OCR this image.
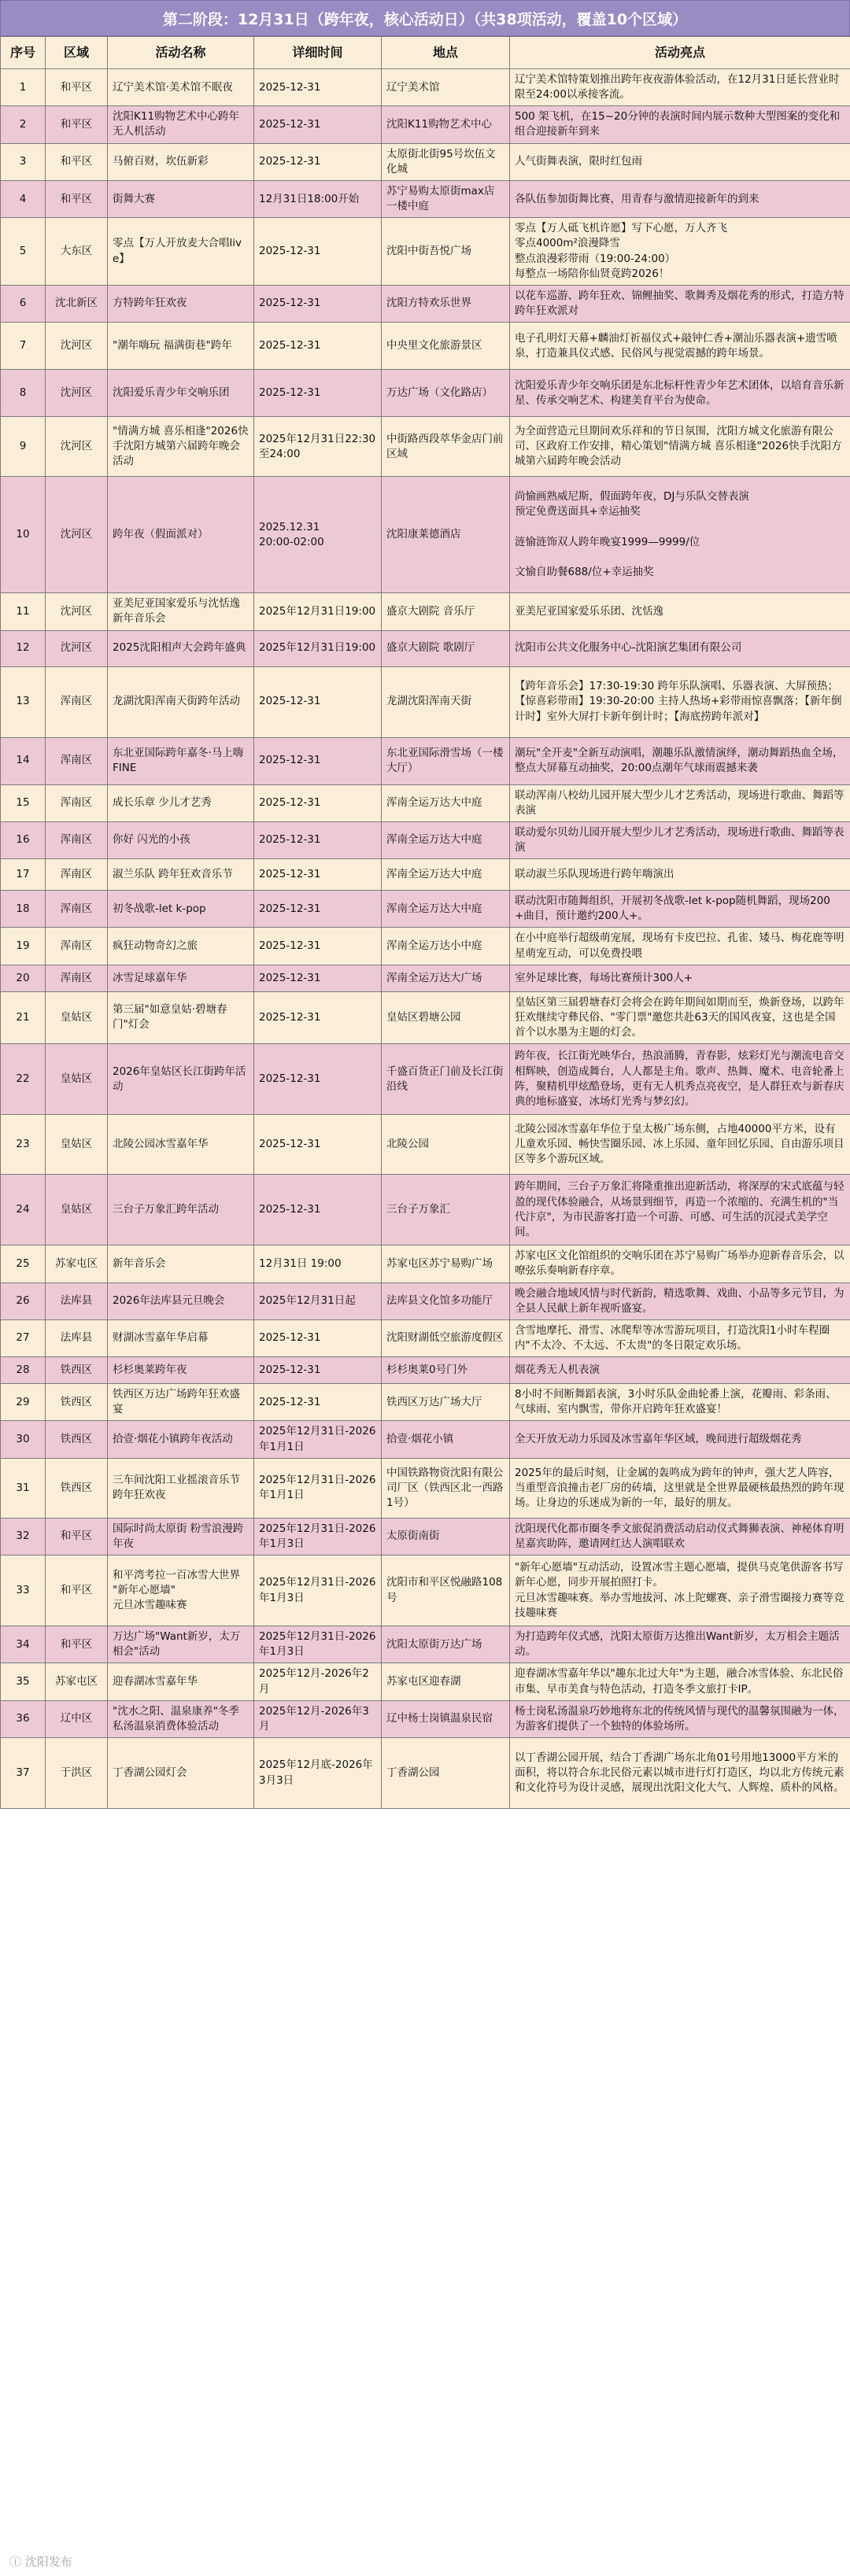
第二阶段：12月31日（跨年夜，核心活动日）（共38项活动，覆盖10个区域）
序号	区域	活动名称	详细时间	地点	活动亮点
1	和平区	辽宁美术馆·美术馆不眠夜	2025-12-31	辽宁美术馆	辽宁美术馆特策划推出跨年夜夜游体验活动，在12月31日延长营业时限至24:00以承接客流。
2	和平区	沈阳K11购物艺术中心跨年无人机活动	2025-12-31	沈阳K11购物艺术中心	500 架飞机，在15~20分钟的表演时间内展示数种大型图案的变化和组合迎接新年到来
3	和平区	马俯百财，坎伍新彩	2025-12-31	太原街北街95号坎伍文化城	人气街舞表演，限时红包雨
4	和平区	街舞大赛	12月31日18:00开始	苏宁易购太原街max店一楼中庭	各队伍参加街舞比赛，用青春与激情迎接新年的到来
5	大东区	零点【万人开放麦大合唱live】	2025-12-31	沈阳中街吾悦广场	零点【万人砥飞机许愿】写下心愿，万人齐飞
零点4000m²浪漫降雪
整点浪漫彩带雨（19:00-24:00）
每整点一场陪你仙贤竟跨2026！
6	沈北新区	方特跨年狂欢夜	2025-12-31	沈阳方特欢乐世界	以花车巡游、跨年狂欢、锦鲤抽奖、歌舞秀及烟花秀的形式，打造方特跨年狂欢派对
7	沈河区	"潮年嗨玩 福满街巷"跨年	2025-12-31	中央里文化旅游景区	电子孔明灯天幕+麟油灯祈福仪式+敲钟仁香+潮汕乐器表演+遗雪喷泉，打造兼具仪式感、民俗风与视觉震撼的跨年场景。
8	沈河区	沈阳爱乐青少年交响乐团	2025-12-31	万达广场（文化路店）	沈阳爱乐青少年交响乐团是东北标杆性青少年艺术团体，以培育音乐新星、传承交响艺术、构建美育平台为使命。
9	沈河区	"情满方城 喜乐相逢"2026快手沈阳方城第六届跨年晚会活动	2025年12月31日22:30至24:00	中街路西段萃华金店门前区域	为全面营造元旦期间欢乐祥和的节日氛围，沈阳方城文化旅游有限公司、区政府工作安排，精心策划"情满方城 喜乐相逢"2026快手沈阳方城第六届跨年晚会活动
10	沈河区	跨年夜（假面派对）	2025.12.31
20:00-02:00	沈阳康莱德酒店	尚愉画熟威尼斯，假面跨年夜，DJ与乐队交替表演
预定免费送面具+幸运抽奖

涟愉涟饰双人跨年晚宴1999—9999/位

文愉自助餐688/位+幸运抽奖
11	沈河区	亚美尼亚国家爱乐与沈恬逸新年音乐会	2025年12月31日19:00	盛京大剧院 音乐厅	亚美尼亚国家爱乐乐团、沈恬逸
12	沈河区	2025沈阳相声大会跨年盛典	2025年12月31日19:00	盛京大剧院 歌剧厅	沈阳市公共文化服务中心-沈阳演艺集团有限公司
13	浑南区	龙湖沈阳浑南天街跨年活动	2025-12-31	龙湖沈阳浑南天街	【跨年音乐会】17:30-19:30 跨年乐队演唱、乐器表演、大屏预热；【惊喜彩带雨】19:30-20:00 主持人热场+彩带雨惊喜飘落；【新年倒计时】室外大屏打卡新年倒计时；【海底捞跨年派对】
14	浑南区	东北亚国际跨年嘉冬·马上嗨FINE	2025-12-31	东北亚国际滑雪场（一楼大厅）	潮玩"全开麦"全新互动演唱，潮趣乐队激情演绎，潮动舞蹈热血全场，整点大屏幕互动抽奖，20:00点潮年气球雨震撼来袭
15	浑南区	成长乐章 少儿才艺秀	2025-12-31	浑南全运万达大中庭	联动浑南八校幼儿园开展大型少儿才艺秀活动，现场进行歌曲、舞蹈等表演
16	浑南区	你好 闪光的小孩	2025-12-31	浑南全运万达大中庭	联动爱尔贝幼儿园开展大型少儿才艺秀活动，现场进行歌曲、舞蹈等表演
17	浑南区	淑兰乐队 跨年狂欢音乐节	2025-12-31	浑南全运万达大中庭	联动淑兰乐队现场进行跨年嗨演出
18	浑南区	初冬战歌-let k-pop	2025-12-31	浑南全运万达大中庭	联动沈阳市随舞组织，开展初冬战歌-let k-pop随机舞蹈，现场200+曲目，预计邀约200人+。
19	浑南区	疯狂动物奇幻之旅	2025-12-31	浑南全运万达小中庭	在小中庭举行超级萌宠展，现场有卡皮巴拉、孔雀、矮马、梅花鹿等明星萌宠互动，可以免费投喂
20	浑南区	冰雪足球嘉年华	2025-12-31	浑南全运万达大广场	室外足球比赛，每场比赛预计300人+
21	皇姑区	第三届"如意皇姑·碧塘春门"灯会	2025-12-31	皇姑区碧塘公园	皇姑区第三届碧塘春灯会将会在跨年期间如期而至，焕新登场，以跨年狂欢继续守彝民俗、"零门票"邀您共赴63天的国风夜宴，这也是全国首个以水墨为主题的灯会。
22	皇姑区	2026年皇姑区长江街跨年活动	2025-12-31	千盛百货正门前及长江街沿线	跨年夜，长江街光映华台，热浪涌腾，青春影，炫彩灯光与潮流电音交相辉映，创造成舞台，人人都是主角。歌声、热舞、魔术、电音轮番上阵，聚精机甲炫酷登场，更有无人机秀点亮夜空，是人群狂欢与新春庆典的地标盛宴，冰场灯光秀与梦幻幻。
23	皇姑区	北陵公园冰雪嘉年华	2025-12-31	北陵公园	北陵公园冰雪嘉年华位于皇太极广场东侧，占地40000平方米，设有儿童欢乐园、畅快雪圈乐园、冰上乐园、童年回忆乐园、自由游乐项目区等多个游玩区域。
24	皇姑区	三台子万象汇跨年活动	2025-12-31	三台子万象汇	跨年期间，三台子万象汇将隆重推出迎新活动，将深厚的宋式底蕴与轻盈的现代体验融合，从场景到细节，再造一个浓缩的、充满生机的"当代汴京"，为市民游客打造一个可游、可感、可生活的沉浸式美学空间。
25	苏家屯区	新年音乐会	12月31日 19:00	苏家屯区苏宁易购广场	苏家屯区文化馆组织的交响乐团在苏宁易购广场举办迎新春音乐会，以嘹弦乐奏响新春序章。
26	法库县	2026年法库县元旦晚会	2025年12月31日起	法库县文化馆多功能厅	晚会融合地域风情与时代新韵，精选歌舞、戏曲、小品等多元节目，为全县人民献上新年视听盛宴。
27	法库县	财湖冰雪嘉年华启幕	2025-12-31	沈阳财湖低空旅游度假区	含雪地摩托、滑雪、冰爬犁等冰雪游玩项目，打造沈阳1小时车程圈内"不太冷、不太远、不太贵"的冬日限定欢乐场。
28	铁西区	杉杉奥莱跨年夜	2025-12-31	杉杉奥莱0号门外	烟花秀无人机表演
29	铁西区	铁西区万达广场跨年狂欢盛宴	2025-12-31	铁西区万达广场大厅	8小时不间断舞蹈表演，3小时乐队金曲轮番上演，花瓣雨、彩条雨、气球雨、室内飘雪，带你开启跨年狂欢盛宴！
30	铁西区	拾壹·烟花小镇跨年夜活动	2025年12月31日-2026年1月1日	拾壹·烟花小镇	全天开放无动力乐园及冰雪嘉年华区域，晚间进行超级烟花秀
31	铁西区	三车间沈阳工业摇滚音乐节跨年狂欢夜	2025年12月31日-2026年1月1日	中国铁路物资沈阳有限公司厂区（铁西区北一西路1号）	2025年的最后时刻，让金属的轰鸣成为跨年的钟声，强大艺人阵容，当重型音浪撞击老厂房的砖墙，这里就是全世界最硬核最热烈的跨年现场。让身边的乐迷成为新的一年，最好的朋友。
32	和平区	国际时尚太原街 粉雪浪漫跨年夜	2025年12月31日-2026年1月3日	太原街南街	沈阳现代化都市圈冬季文旅促消费活动启动仪式舞狮表演、神秘体育明星嘉宾助阵，邀请网红达人演唱联欢
33	和平区	和平湾考拉一百冰雪大世界
"新年心愿墙"
元旦冰雪趣味赛	2025年12月31日-2026年1月3日	沈阳市和平区悦融路108号	"新年心愿墙"互动活动，设置冰雪主题心愿墙，提供马克笔供游客书写新年心愿，同步开展拍照打卡。
元旦冰雪趣味赛。举办雪地拔河、冰上陀螺赛、亲子滑雪圈接力赛等竞技趣味赛
34	和平区	万达广场"Want新岁，太万相会"活动	2025年12月31日-2026年1月3日	沈阳太原街万达广场	为打造跨年仪式感，沈阳太原街万达推出Want新岁，太万相会主题活动。
35	苏家屯区	迎春湖冰雪嘉年华	2025年12月-2026年2月	苏家屯区迎春湖	迎春湖冰雪嘉年华以"趣东北过大年"为主题，融合冰雪体验、东北民俗市集、早市美食与特色活动，打造冬季文旅打卡IP。
36	辽中区	"沈水之阳、温泉康养"冬季私汤温泉消费体验活动	2025年12月-2026年3月	辽中杨士岗镇温泉民宿	杨士岗私汤温泉巧妙地将东北的传统风情与现代的温馨氛围融为一体，为游客们提供了一个独特的体验场所。
37	于洪区	丁香湖公园灯会	2025年12月底-2026年3月3日	丁香湖公园	以丁香湖公园开展，结合丁香湖广场东北角01号用地13000平方米的面积，将以符合东北民俗元素以城市进行灯打造区，均以北方传统元素和文化符号为设计灵感，展现出沈阳文化大气、人辉煌、质朴的风格。
ⓘ 沈阳发布
